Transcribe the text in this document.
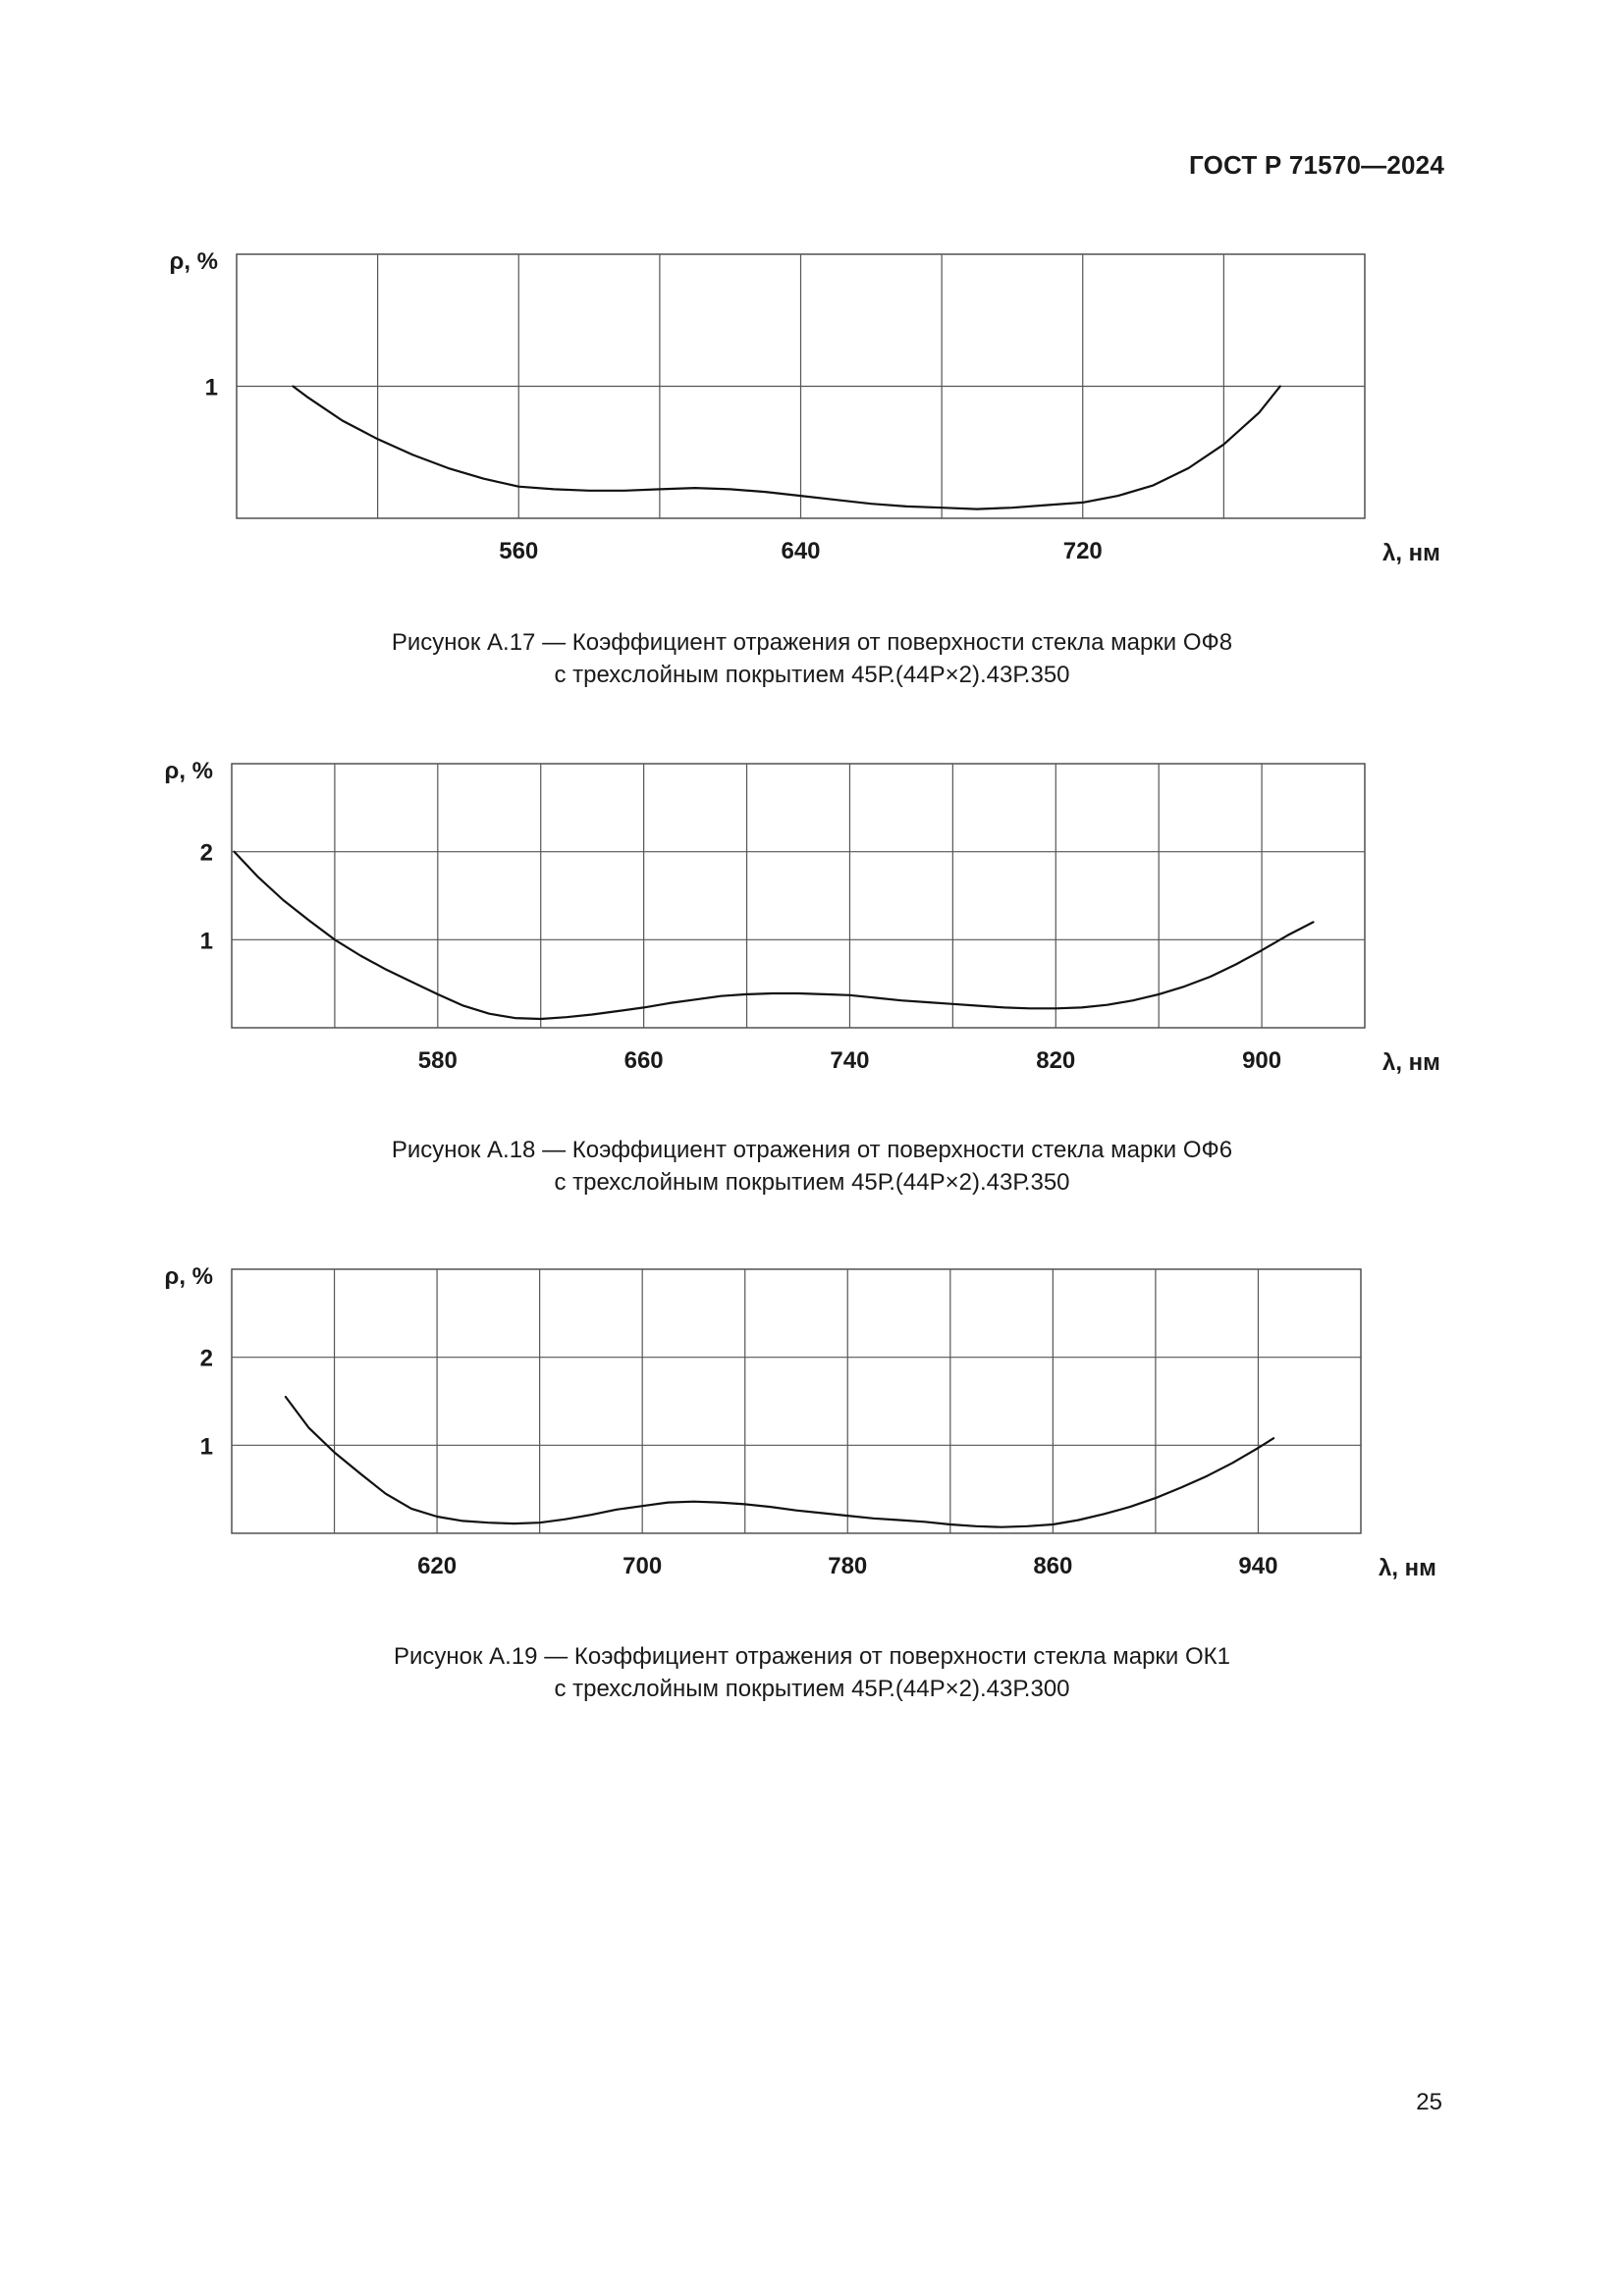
ГОСТ Р 71570—2024
560	640	720
1
ρ, %
λ, нм
Рисунок А.17 — Коэффициент отражения от поверхности стекла марки ОФ8
с трехслойным покрытием 45Р.(44Р×2).43Р.350
580	660	740	820	900
2
1
ρ, %
λ, нм
Рисунок А.18 — Коэффициент отражения от поверхности стекла марки ОФ6
с трехслойным покрытием 45Р.(44Р×2).43Р.350
620	700	780	860	940
2
1
ρ, %
λ, нм
Рисунок А.19 — Коэффициент отражения от поверхности стекла марки ОК1
с трехслойным покрытием 45Р.(44Р×2).43Р.300
25
